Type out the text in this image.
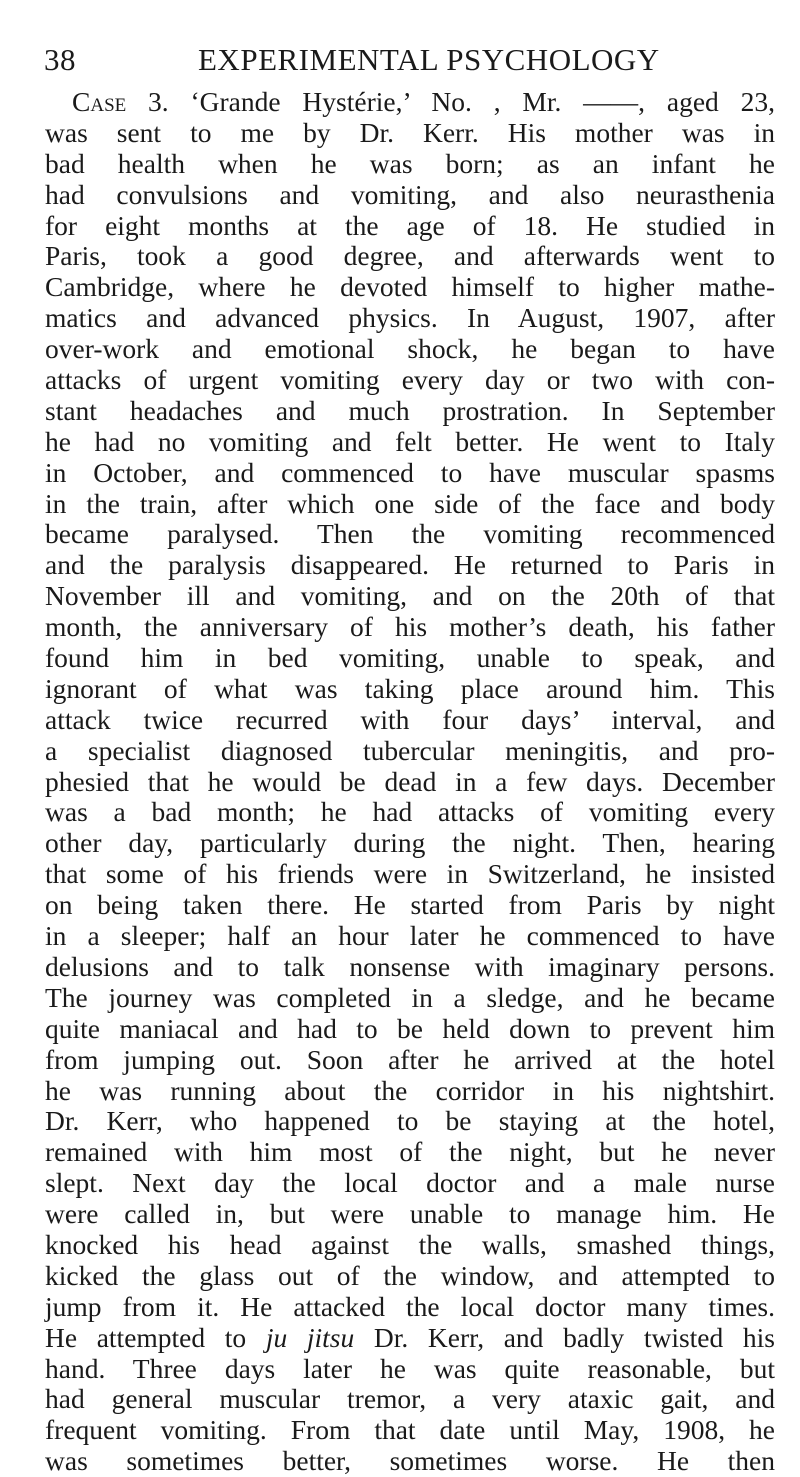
38	EXPERIMENTAL PSYCHOLOGY
Case 3. ‘Grande Hystérie,’ No. , Mr. ——, aged 23,
was sent to me by Dr. Kerr. His mother was in
bad health when he was born; as an infant he
had convulsions and vomiting, and also neurasthenia
for eight months at the age of 18. He studied in
Paris, took a good degree, and afterwards went to
Cambridge, where he devoted himself to higher mathe-
matics and advanced physics. In August, 1907, after
over-work and emotional shock, he began to have
attacks of urgent vomiting every day or two with con-
stant headaches and much prostration. In September
he had no vomiting and felt better. He went to Italy
in October, and commenced to have muscular spasms
in the train, after which one side of the face and body
became paralysed. Then the vomiting recommenced
and the paralysis disappeared. He returned to Paris in
November ill and vomiting, and on the 20th of that
month, the anniversary of his mother’s death, his father
found him in bed vomiting, unable to speak, and
ignorant of what was taking place around him. This
attack twice recurred with four days’ interval, and
a specialist diagnosed tubercular meningitis, and pro-
phesied that he would be dead in a few days. December
was a bad month; he had attacks of vomiting every
other day, particularly during the night. Then, hearing
that some of his friends were in Switzerland, he insisted
on being taken there. He started from Paris by night
in a sleeper; half an hour later he commenced to have
delusions and to talk nonsense with imaginary persons.
The journey was completed in a sledge, and he became
quite maniacal and had to be held down to prevent him
from jumping out. Soon after he arrived at the hotel
he was running about the corridor in his nightshirt.
Dr. Kerr, who happened to be staying at the hotel,
remained with him most of the night, but he never
slept. Next day the local doctor and a male nurse
were called in, but were unable to manage him. He
knocked his head against the walls, smashed things,
kicked the glass out of the window, and attempted to
jump from it. He attacked the local doctor many times.
He attempted to ju jitsu Dr. Kerr, and badly twisted his
hand. Three days later he was quite reasonable, but
had general muscular tremor, a very ataxic gait, and
frequent vomiting. From that date until May, 1908, he
was sometimes better, sometimes worse. He then
